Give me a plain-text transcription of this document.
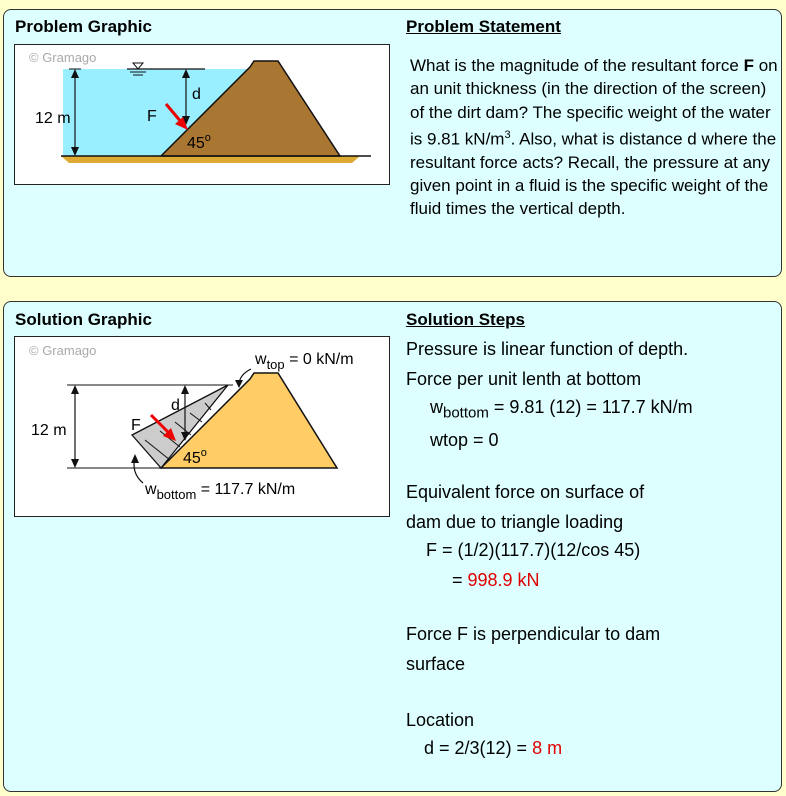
Problem Graphic	Problem Statement
12 m
d
F
45$^o$
© Gramago	What is the magnitude of the resultant force F on an unit thickness (in the direction of the screen) of the dirt dam? The specific weight of the water is 9.81 $kN/m^3$. Also, what is distance d where the resultant force acts? Recall, the pressure at any given point in a fluid is the specific weight of the fluid times the vertical depth.
Solution Graphic	Solution Steps
12 m
d
F
45$^o$
$w_{top} = 0$ kN/m
$w_{bottom} = 117.7$ kN/m
© Gramago	Pressure is linear function of depth.
Force per unit lenth at bottom
$w_{bottom} = 9.81$ (12) = 117.7 kN/m
wtop = 0
Equivalent force on surface of
dam due to triangle loading
F = (1/2)(117.7)(12/cos 45)
= 998.9 kN
Force F is perpendicular to dam
surface
Location
d = 2/3(12) = 8 m
